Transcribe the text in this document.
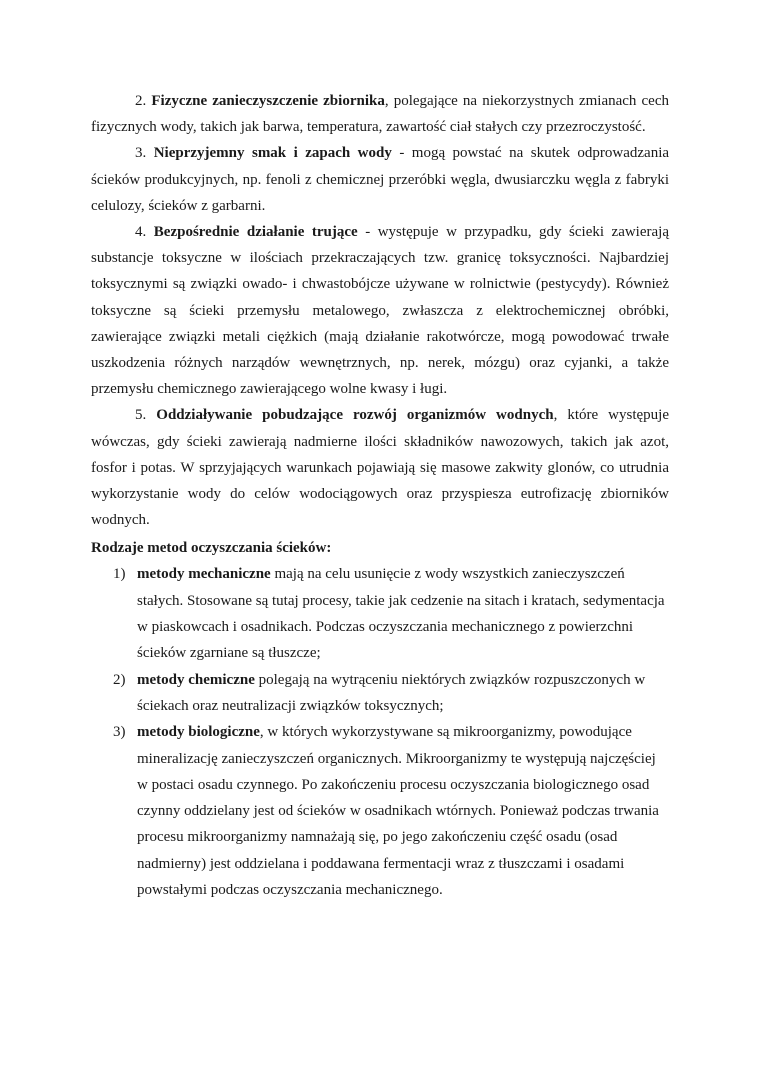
2. Fizyczne zanieczyszczenie zbiornika, polegające na niekorzystnych zmianach cech fizycznych wody, takich jak barwa, temperatura, zawartość ciał stałych czy przezroczystość.

3. Nieprzyjemny smak i zapach wody - mogą powstać na skutek odprowadzania ścieków produkcyjnych, np. fenoli z chemicznej przeróbki węgla, dwusiarczku węgla z fabryki celulozy, ścieków z garbarni.

4. Bezpośrednie działanie trujące - występuje w przypadku, gdy ścieki zawierają substancje toksyczne w ilościach przekraczających tzw. granicę toksyczności. Najbardziej toksycznymi są związki owado- i chwastobójcze używane w rolnictwie (pestycydy). Również toksyczne są ścieki przemysłu metalowego, zwłaszcza z elektrochemicznej obróbki, zawierające związki metali ciężkich (mają działanie rakotwórcze, mogą powodować trwałe uszkodzenia różnych narządów wewnętrznych, np. nerek, mózgu) oraz cyjanki, a także przemysłu chemicznego zawierającego wolne kwasy i ługi.

5. Oddziaływanie pobudzające rozwój organizmów wodnych, które występuje wówczas, gdy ścieki zawierają nadmierne ilości składników nawozowych, takich jak azot, fosfor i potas. W sprzyjających warunkach pojawiają się masowe zakwity glonów, co utrudnia wykorzystanie wody do celów wodociągowych oraz przyspiesza eutrofizację zbiorników wodnych.

Rodzaje metod oczyszczania ścieków:

1) metody mechaniczne mają na celu usunięcie z wody wszystkich zanieczyszczeń stałych. Stosowane są tutaj procesy, takie jak cedzenie na sitach i kratach, sedymentacja w piaskowcach i osadnikach. Podczas oczyszczania mechanicznego z powierzchni ścieków zgarniane są tłuszcze;
2) metody chemiczne polegają na wytrąceniu niektórych związków rozpuszczonych w ściekach oraz neutralizacji związków toksycznych;
3) metody biologiczne, w których wykorzystywane są mikroorganizmy, powodujące mineralizację zanieczyszczeń organicznych. Mikroorganizmy te występują najczęściej w postaci osadu czynnego. Po zakończeniu procesu oczyszczania biologicznego osad czynny oddzielany jest od ścieków w osadnikach wtórnych. Ponieważ podczas trwania procesu mikroorganizmy namnażają się, po jego zakończeniu część osadu (osad nadmierny) jest oddzielana i poddawana fermentacji wraz z tłuszczami i osadami powstałymi podczas oczyszczania mechanicznego.
